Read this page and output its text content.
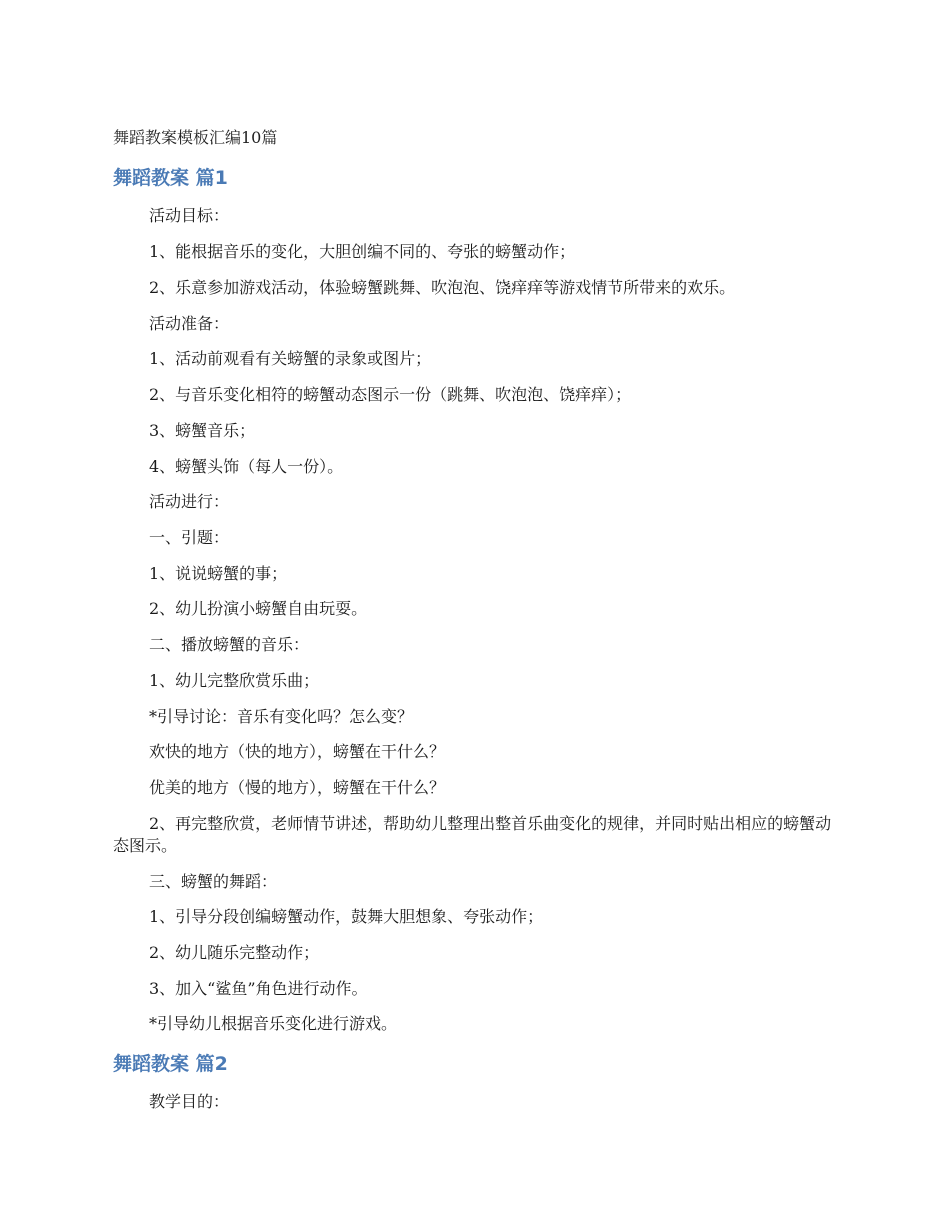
舞蹈教案模板汇编10篇
舞蹈教案 篇1
活动目标：
1、能根据音乐的变化，大胆创编不同的、夸张的螃蟹动作；
2、乐意参加游戏活动，体验螃蟹跳舞、吹泡泡、饶痒痒等游戏情节所带来的欢乐。
活动准备：
1、活动前观看有关螃蟹的录象或图片；
2、与音乐变化相符的螃蟹动态图示一份（跳舞、吹泡泡、饶痒痒）；
3、螃蟹音乐；
4、螃蟹头饰（每人一份）。
活动进行：
一、引题：
1、说说螃蟹的事；
2、幼儿扮演小螃蟹自由玩耍。
二、播放螃蟹的音乐：
1、幼儿完整欣赏乐曲；
*引导讨论：音乐有变化吗？怎么变？
欢快的地方（快的地方），螃蟹在干什么？
优美的地方（慢的地方），螃蟹在干什么？
2、再完整欣赏，老师情节讲述，帮助幼儿整理出整首乐曲变化的规律，并同时贴出相应的螃蟹动态图示。
三、螃蟹的舞蹈：
1、引导分段创编螃蟹动作，鼓舞大胆想象、夸张动作；
2、幼儿随乐完整动作；
3、加入“鲨鱼”角色进行动作。
*引导幼儿根据音乐变化进行游戏。
舞蹈教案 篇2
教学目的：
